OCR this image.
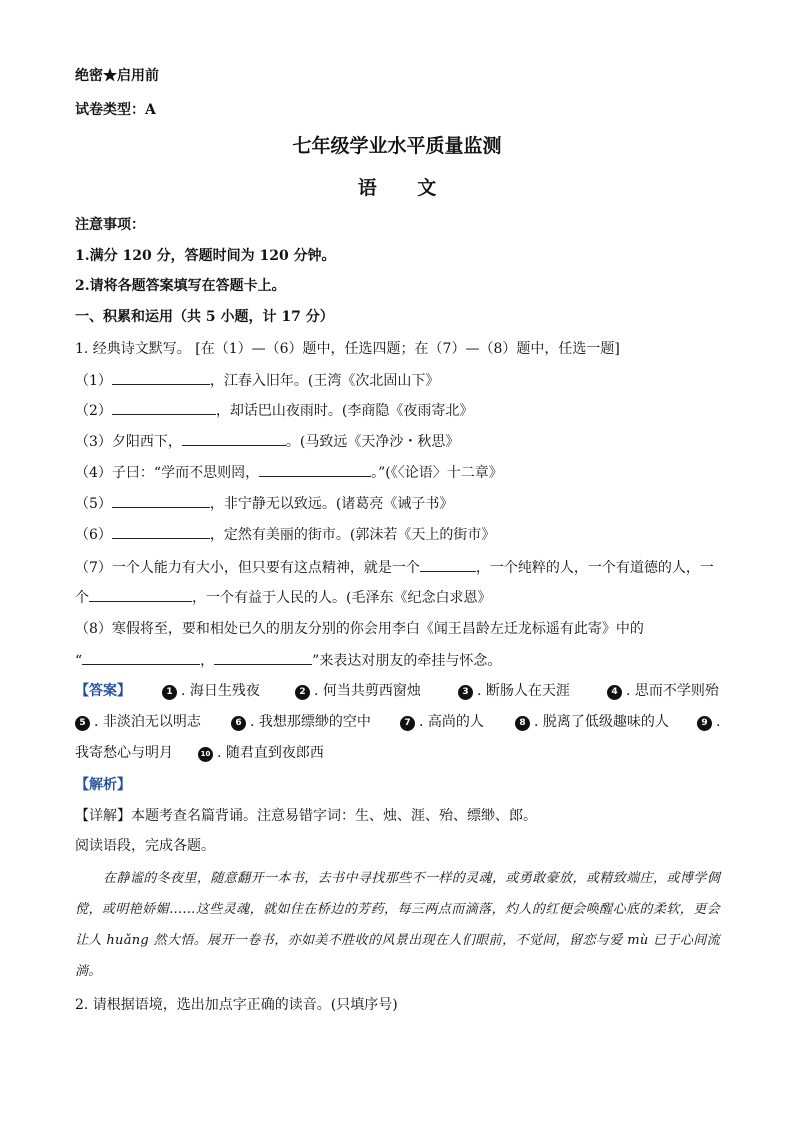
绝密★启用前
试卷类型：A
七年级学业水平质量监测
语 文
注意事项：
1.满分 120 分，答题时间为 120 分钟。
2.请将各题答案填写在答题卡上。
一、积累和运用（共 5 小题，计 17 分）
1. 经典诗文默写。 [在（1）—（6）题中，任选四题；在（7）—（8）题中，任选一题]
（1）	，江春入旧年。(王湾《次北固山下》
（2）	，却话巴山夜雨时。(李商隐《夜雨寄北》
（3）夕阳西下，	。(马致远《天净沙・秋思》
（4）子曰：“学而不思则罔，	。”(《〈论语〉十二章》
（5）	，非宁静无以致远。(诸葛亮《诫子书》
（6）	，定然有美丽的街市。(郭沫若《天上的街市》
（7）一个人能力有大小，但只要有这点精神，就是一个	，一个纯粹的人，一个有道德的人，一
个	，一个有益于人民的人。(毛泽东《纪念白求恩》
（8）寒假将至，要和相处已久的朋友分别的你会用李白《闻王昌龄左迁龙标遥有此寄》中的
“	，	”来表达对朋友的牵挂与怀念。
【答案】	1 . 海日生残夜	2 . 何当共剪西窗烛	3 . 断肠人在天涯	4 . 思而不学则殆
5 . 非淡泊无以明志	6 . 我想那缥缈的空中	7 . 高尚的人	8 . 脱离了低级趣味的人	9 .
我寄愁心与明月	10 . 随君直到夜郎西
【解析】
【详解】本题考查名篇背诵。注意易错字词：生、烛、涯、殆、缥缈、郎。
阅读语段，完成各题。
在静谧的冬夜里，随意翻开一本书，去书中寻找那些不一样的灵魂，或勇敢豪放，或精致端庄，或博学倜傥，或明艳娇媚……这些灵魂，就如住在桥边的芳药，每三两点而滴落，灼人的红便会唤醒心底的柔软，更会让人 huǎng 然大悟。展开一卷书，亦如美不胜收的风景出现在人们眼前，不觉间，留恋与爱 mù 已于心间流淌。
2. 请根据语境，选出加点字正确的读音。(只填序号)
